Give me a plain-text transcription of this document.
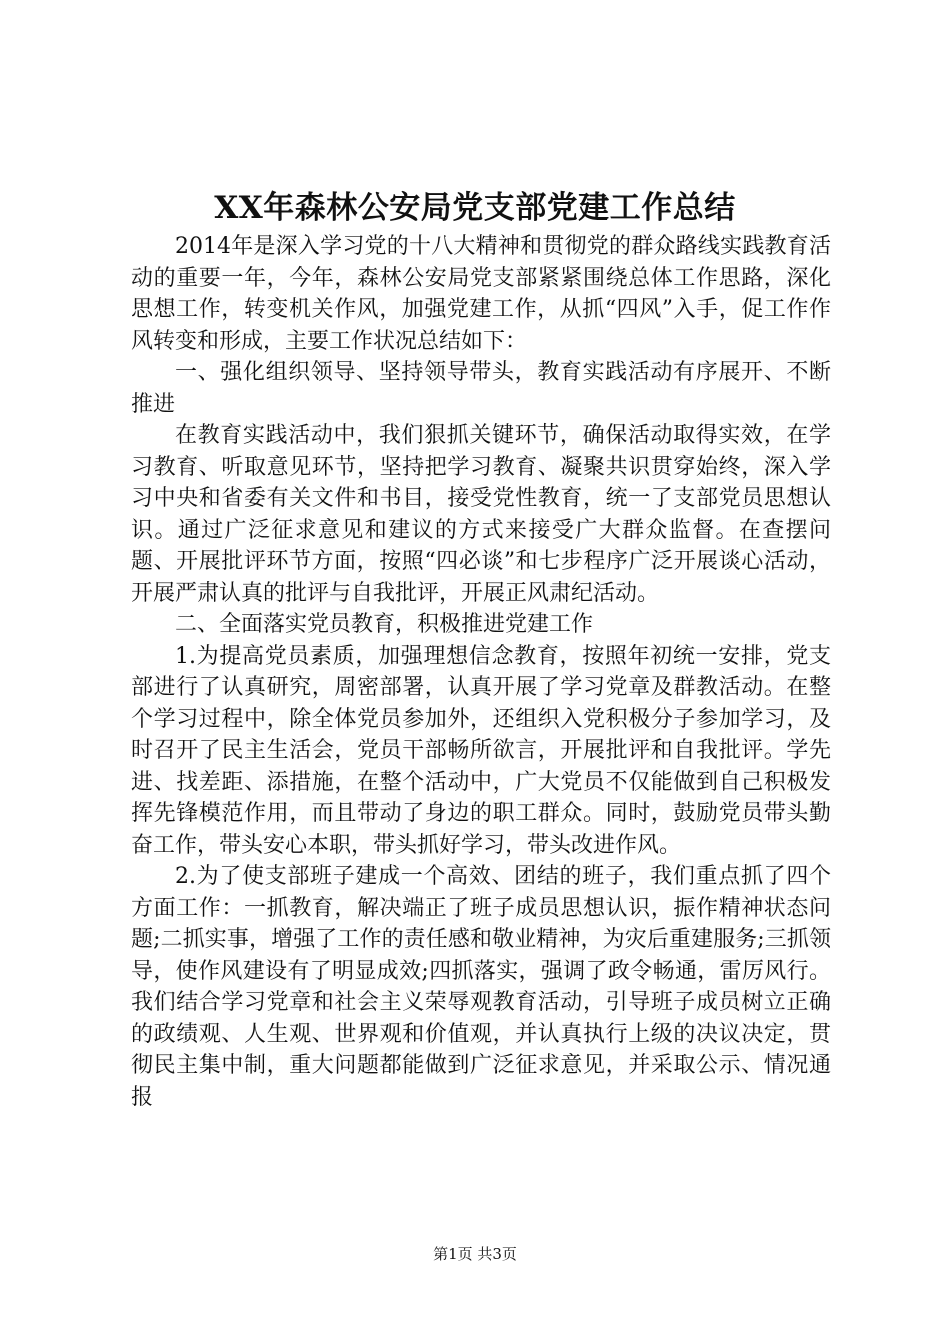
XX年森林公安局党支部党建工作总结

2014年是深入学习党的十八大精神和贯彻党的群众路线实践教育活动的重要一年，今年，森林公安局党支部紧紧围绕总体工作思路，深化思想工作，转变机关作风，加强党建工作，从抓“四风”入手，促工作作风转变和形成，主要工作状况总结如下：

一、强化组织领导、坚持领导带头，教育实践活动有序展开、不断推进

在教育实践活动中，我们狠抓关键环节，确保活动取得实效，在学习教育、听取意见环节，坚持把学习教育、凝聚共识贯穿始终，深入学习中央和省委有关文件和书目，接受党性教育，统一了支部党员思想认识。通过广泛征求意见和建议的方式来接受广大群众监督。在查摆问题、开展批评环节方面，按照“四必谈”和七步程序广泛开展谈心活动，开展严肃认真的批评与自我批评，开展正风肃纪活动。

二、全面落实党员教育，积极推进党建工作

1.为提高党员素质，加强理想信念教育，按照年初统一安排，党支部进行了认真研究，周密部署，认真开展了学习党章及群教活动。在整个学习过程中，除全体党员参加外，还组织入党积极分子参加学习，及时召开了民主生活会，党员干部畅所欲言，开展批评和自我批评。学先进、找差距、添措施，在整个活动中，广大党员不仅能做到自己积极发挥先锋模范作用，而且带动了身边的职工群众。同时，鼓励党员带头勤奋工作，带头安心本职，带头抓好学习，带头改进作风。

2.为了使支部班子建成一个高效、团结的班子，我们重点抓了四个方面工作：一抓教育，解决端正了班子成员思想认识，振作精神状态问题;二抓实事，增强了工作的责任感和敬业精神，为灾后重建服务;三抓领导，使作风建设有了明显成效;四抓落实，强调了政令畅通，雷厉风行。我们结合学习党章和社会主义荣辱观教育活动，引导班子成员树立正确的政绩观、人生观、世界观和价值观，并认真执行上级的决议决定，贯彻民主集中制，重大问题都能做到广泛征求意见，并采取公示、情况通报

第1页 共3页
